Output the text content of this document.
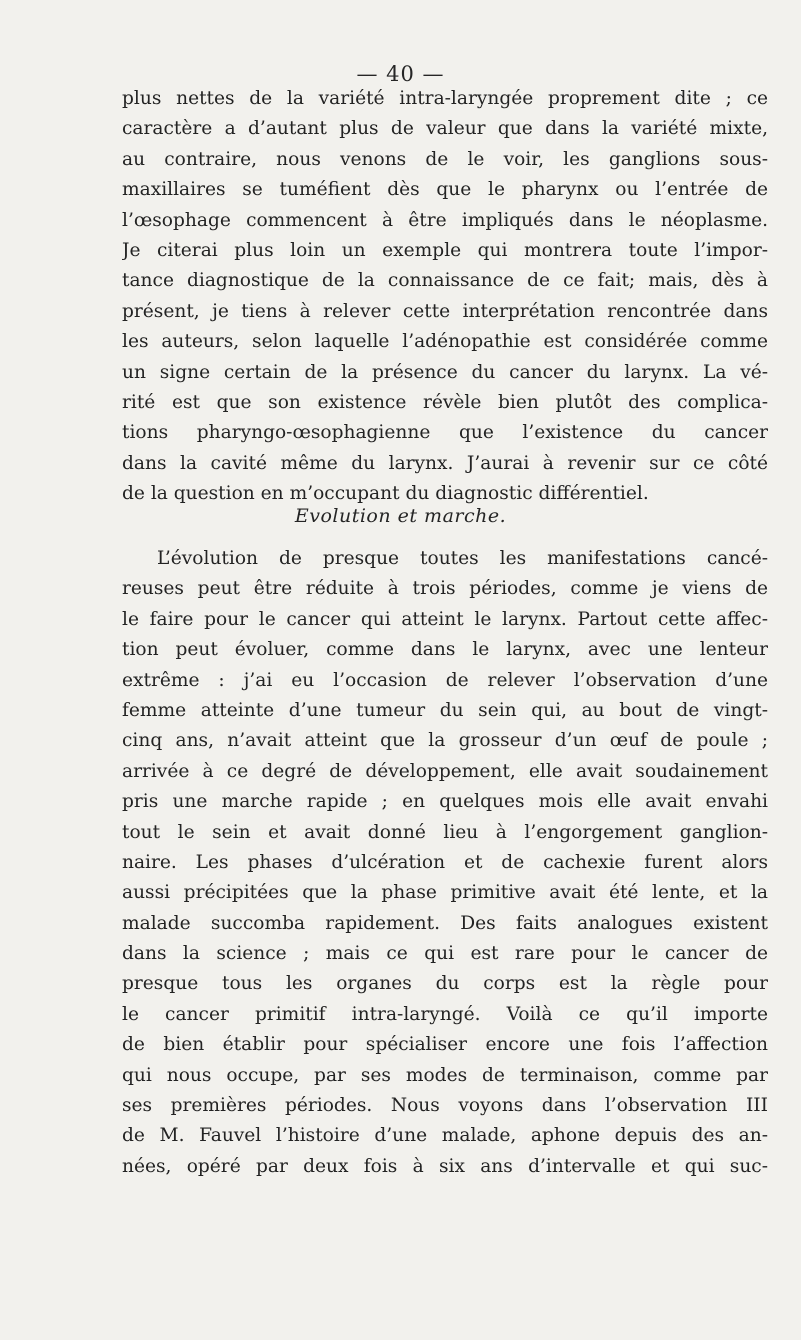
— 40 —
plus nettes de la variété intra-laryngée proprement dite ; ce
caractère a d’autant plus de valeur que dans la variété mixte,
au contraire, nous venons de le voir, les ganglions sous-
maxillaires se tuméfient dès que le pharynx ou l’entrée de
l’œsophage commencent à être impliqués dans le néoplasme.
Je citerai plus loin un exemple qui montrera toute l’impor-
tance diagnostique de la connaissance de ce fait; mais, dès à
présent, je tiens à relever cette interprétation rencontrée dans
les auteurs, selon laquelle l’adénopathie est considérée comme
un signe certain de la présence du cancer du larynx. La vé-
rité est que son existence révèle bien plutôt des complica-
tions pharyngo-œsophagienne que l’existence du cancer
dans la cavité même du larynx. J’aurai à revenir sur ce côté
de la question en m’occupant du diagnostic différentiel.
Evolution et marche.
L’évolution de presque toutes les manifestations cancé-
reuses peut être réduite à trois périodes, comme je viens de
le faire pour le cancer qui atteint le larynx. Partout cette affec-
tion peut évoluer, comme dans le larynx, avec une lenteur
extrême : j’ai eu l’occasion de relever l’observation d’une
femme atteinte d’une tumeur du sein qui, au bout de vingt-
cinq ans, n’avait atteint que la grosseur d’un œuf de poule ;
arrivée à ce degré de développement, elle avait soudainement
pris une marche rapide ; en quelques mois elle avait envahi
tout le sein et avait donné lieu à l’engorgement ganglion-
naire. Les phases d’ulcération et de cachexie furent alors
aussi précipitées que la phase primitive avait été lente, et la
malade succomba rapidement. Des faits analogues existent
dans la science ; mais ce qui est rare pour le cancer de
presque tous les organes du corps est la règle pour
le cancer primitif intra-laryngé. Voilà ce qu’il importe
de bien établir pour spécialiser encore une fois l’affection
qui nous occupe, par ses modes de terminaison, comme par
ses premières périodes. Nous voyons dans l’observation III
de M. Fauvel l’histoire d’une malade, aphone depuis des an-
nées, opéré par deux fois à six ans d’intervalle et qui suc-
